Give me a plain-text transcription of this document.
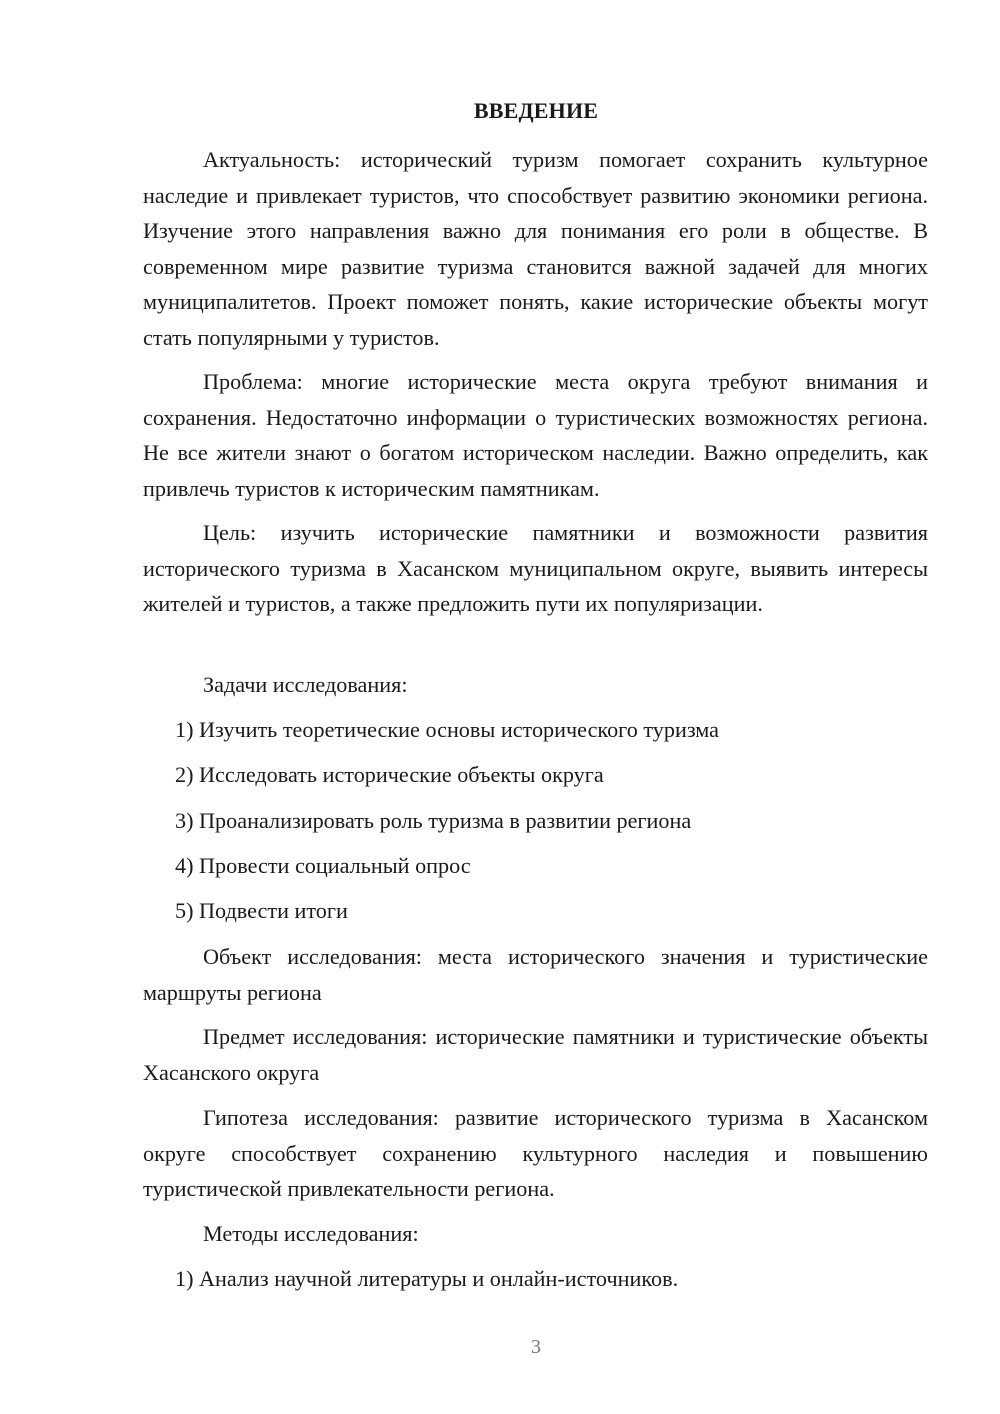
ВВЕДЕНИЕ

Актуальность: исторический туризм помогает сохранить культурное наследие и привлекает туристов, что способствует развитию экономики региона. Изучение этого направления важно для понимания его роли в обществе. В современном мире развитие туризма становится важной задачей для многих муниципалитетов. Проект поможет понять, какие исторические объекты могут стать популярными у туристов.

Проблема: многие исторические места округа требуют внимания и сохранения. Недостаточно информации о туристических возможностях региона. Не все жители знают о богатом историческом наследии. Важно определить, как привлечь туристов к историческим памятникам.

Цель: изучить исторические памятники и возможности развития исторического туризма в Хасанском муниципальном округе, выявить интересы жителей и туристов, а также предложить пути их популяризации.

Задачи исследования:
1) Изучить теоретические основы исторического туризма
2) Исследовать исторические объекты округа
3) Проанализировать роль туризма в развитии региона
4) Провести социальный опрос
5) Подвести итоги

Объект исследования: места исторического значения и туристические маршруты региона

Предмет исследования: исторические памятники и туристические объекты Хасанского округа

Гипотеза исследования: развитие исторического туризма в Хасанском округе способствует сохранению культурного наследия и повышению туристической привлекательности региона.

Методы исследования:
1) Анализ научной литературы и онлайн-источников.
3
